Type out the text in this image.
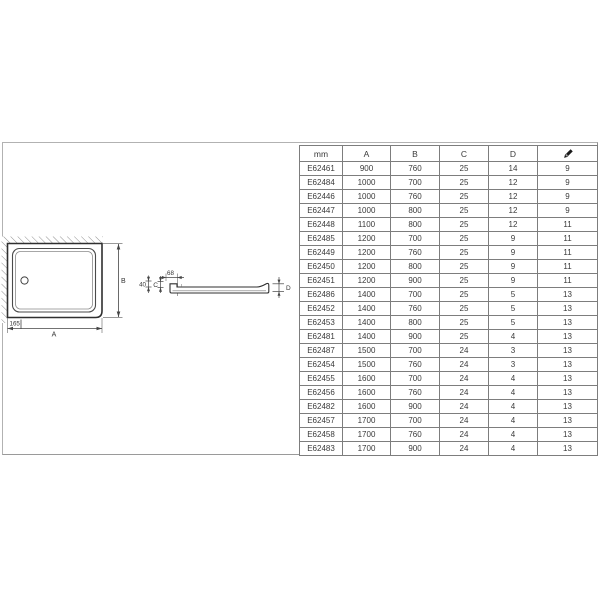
B
A
165
68
40 C	D
mm	A	B	C	D	
E62461	900	760	25	14	9
E62484	1000	700	25	12	9
E62446	1000	760	25	12	9
E62447	1000	800	25	12	9
E62448	1100	800	25	12	11
E62485	1200	700	25	9	11
E62449	1200	760	25	9	11
E62450	1200	800	25	9	11
E62451	1200	900	25	9	11
E62486	1400	700	25	5	13
E62452	1400	760	25	5	13
E62453	1400	800	25	5	13
E62481	1400	900	25	4	13
E62487	1500	700	24	3	13
E62454	1500	760	24	3	13
E62455	1600	700	24	4	13
E62456	1600	760	24	4	13
E62482	1600	900	24	4	13
E62457	1700	700	24	4	13
E62458	1700	760	24	4	13
E62483	1700	900	24	4	13
